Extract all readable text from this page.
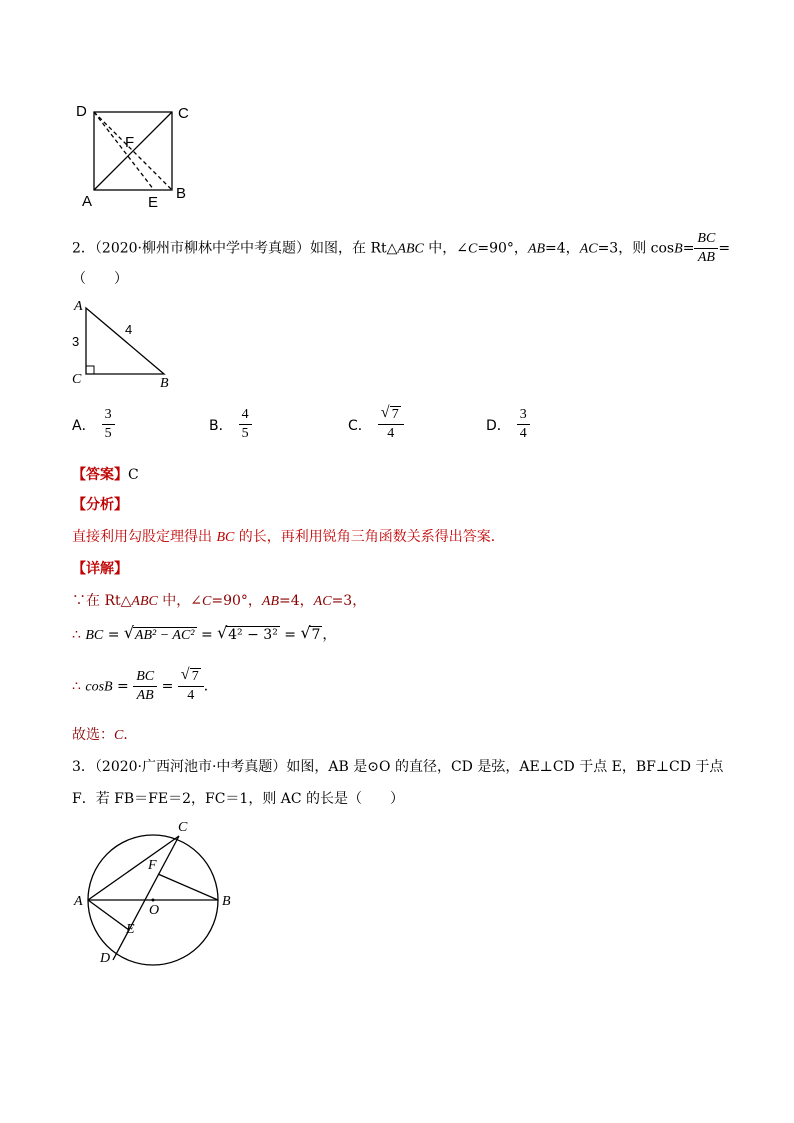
D	C
F
A	E
B
2．（2020·柳州市柳林中学中考真题）如图，在 Rt△ABC 中，∠C=90°，AB=4，AC=3，则 $\cos B= \frac{BC}{AB}$ =
（　　）
A
3
4
C	B
A． $\frac{3}{5}$	B． $\frac{4}{5}$	C． $\frac{√ 7}{4}$	D． $\frac{3}{4}$
【答案】C
【分析】
直接利用勾股定理得出 BC 的长，再利用锐角三角函数关系得出答案．
【详解】
∵在 Rt△ABC 中，∠C=90°，AB=4，AC=3，
∴ BC = √ AB² − AC² = √ 4² − 3² = √ 7 ，
∴ $\cos B = \frac{BC}{AB} = \frac{√ 7}{4}$ ．
故选：C．
3．（2020·广西河池市·中考真题）如图，AB 是⊙O 的直径，CD 是弦，AE⊥CD 于点 E，BF⊥CD 于点
F．若 FB＝FE＝2，FC＝1，则 AC 的长是（　　）
C
F
A
O
B
E
D
